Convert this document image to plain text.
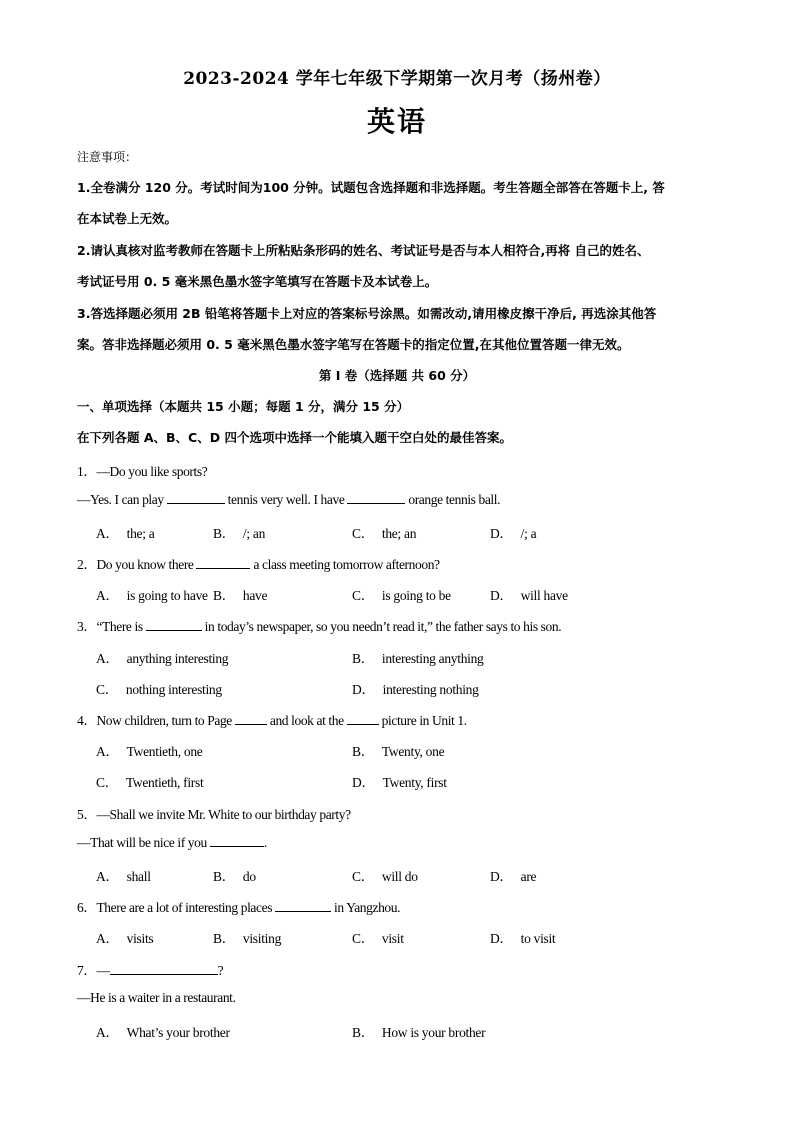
2023-2024 学年七年级下学期第一次月考（扬州卷）
英语
注意事项：
1.全卷满分 120 分。考试时间为100 分钟。试题包含选择题和非选择题。考生答题全部答在答题卡上, 答
在本试卷上无效。
2.请认真核对监考教师在答题卡上所粘贴条形码的姓名、考试证号是否与本人相符合,再将 自己的姓名、
考试证号用 0. 5 毫米黑色墨水签字笔填写在答题卡及本试卷上。
3.答选择题必须用 2B 铅笔将答题卡上对应的答案标号涂黑。如需改动,请用橡皮擦干净后, 再选涂其他答
案。答非选择题必须用 0. 5 毫米黑色墨水签字笔写在答题卡的指定位置,在其他位置答题一律无效。
第 I 卷（选择题 共 60 分）
一、单项选择（本题共 15 小题；每题 1 分，满分 15 分）
在下列各题 A、B、C、D 四个选项中选择一个能填入题干空白处的最佳答案。
1．—Do you like sports?
—Yes. I can play	tennis very well. I have	orange tennis ball.
A． the; a	B． /; an	C． the; an	D． /; a
2．Do you know there	a class meeting tomorrow afternoon?
A． is going to have B． have	C． is going to be	D． will have
3．“There is	in today’s newspaper, so you needn’t read it,” the father says to his son.
A． anything interesting	B． interesting anything
C． nothing interesting	D． interesting nothing
4．Now children, turn to Page  and look at the  picture in Unit 1.
A． Twentieth, one	B． Twenty, one
C． Twentieth, first	D． Twenty, first
5．—Shall we invite Mr. White to our birthday party?
—That will be nice if you	.
A． shall	B． do	C． will do	D． are
6．There are a lot of interesting places	in Yangzhou.
A． visits	B． visiting	C． visit	D． to visit
7．—	?
—He is a waiter in a restaurant.
A． What’s your brother	B． How is your brother
